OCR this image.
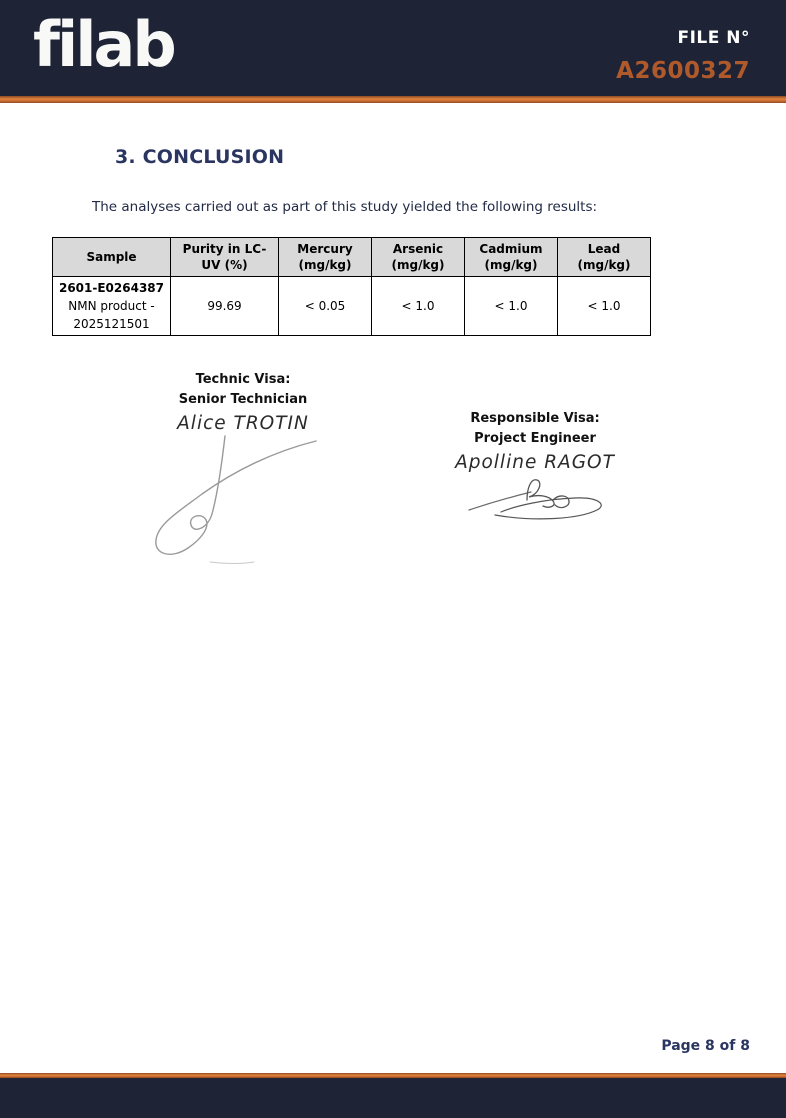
filab	FILE N°
A2600327
3. CONCLUSION
The analyses carried out as part of this study yielded the following results:
Sample	Purity in LC-UV (%)	Mercury (mg/kg)	Arsenic (mg/kg)	Cadmium (mg/kg)	Lead (mg/kg)

2601-E0264387
NMN product -
2025121501	99.69	< 0.05	< 1.0	< 1.0	< 1.0
Technic Visa:
Senior Technician
Alice TROTIN	Responsible Visa:
Project Engineer
Apolline RAGOT
Page 8 of 8
